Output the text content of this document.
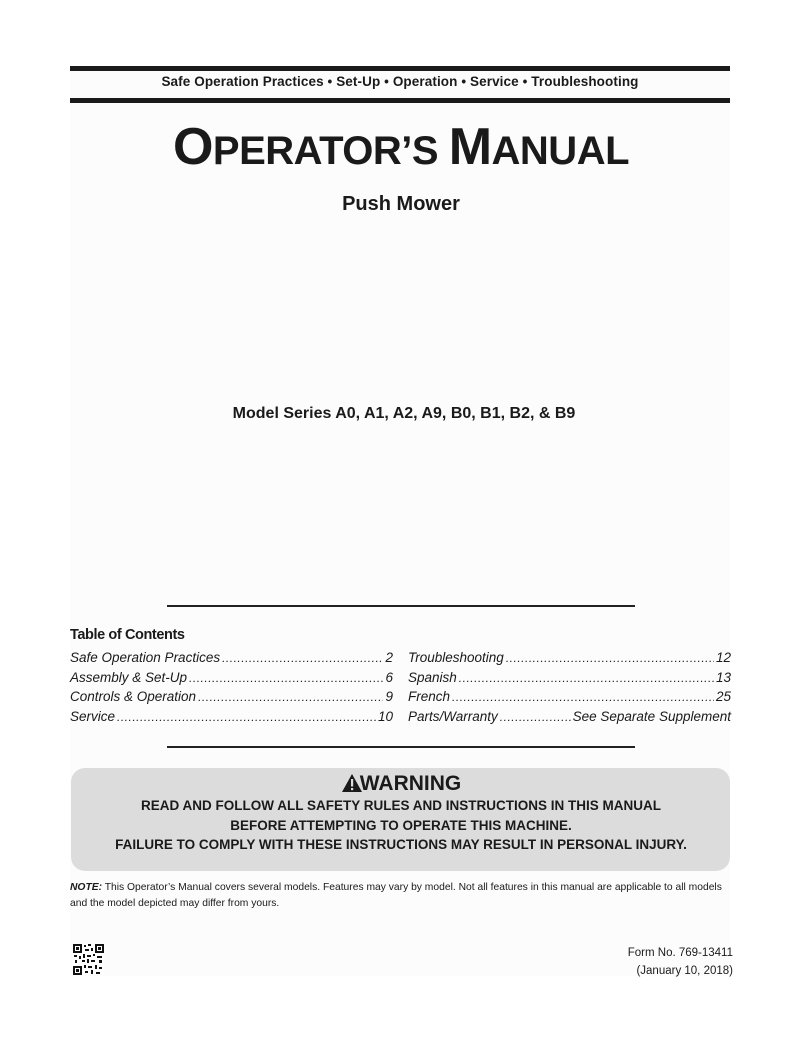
Safe Operation Practices • Set-Up • Operation • Service • Troubleshooting
OPERATOR’S MANUAL
Push Mower
Model Series A0, A1, A2, A9, B0, B1, B2, & B9
Table of Contents
Safe Operation Practices .....	2
Assembly & Set-Up .....	6
Controls & Operation .....	9
Service .....	10
Troubleshooting .....	12
Spanish .....	13
French .....	25
Parts/Warranty .....	See Separate Supplement
WARNING
READ AND FOLLOW ALL SAFETY RULES AND INSTRUCTIONS IN THIS MANUAL
BEFORE ATTEMPTING TO OPERATE THIS MACHINE.
FAILURE TO COMPLY WITH THESE INSTRUCTIONS MAY RESULT IN PERSONAL INJURY.
NOTE: This Operator’s Manual covers several models. Features may vary by model. Not all features in this manual are applicable to all models and the model depicted may differ from yours.
Form No. 769-13411
(January 10, 2018)
